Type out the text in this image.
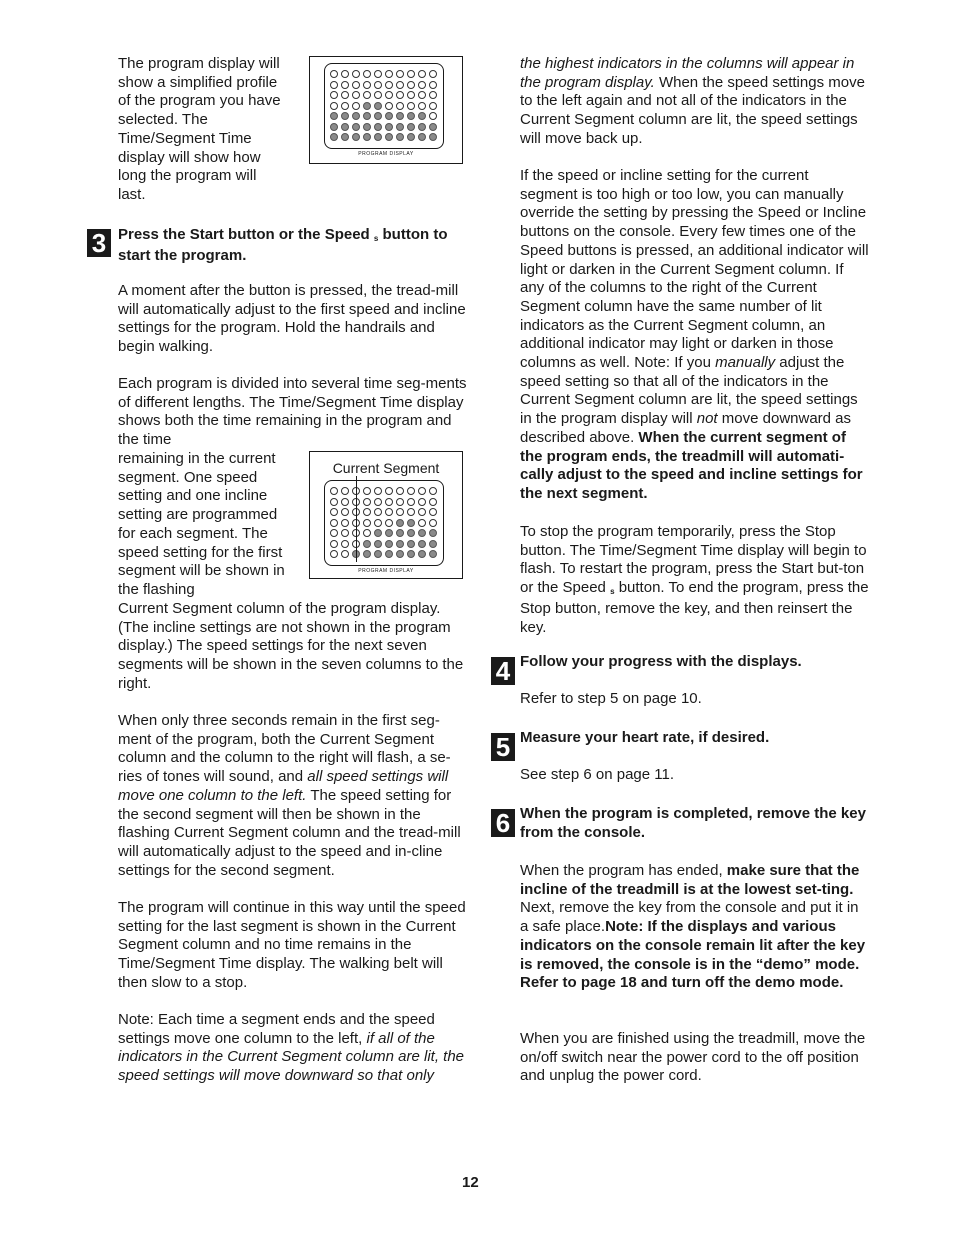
The program display will show a simplified profile of the program you have selected. The Time/Segment Time display will show how long the program will last.

PROGRAM DISPLAY
3 Press the Start button or the Speed s button to start the program.

A moment after the button is pressed, the tread-mill will automatically adjust to the first speed and incline settings for the program. Hold the handrails and begin walking.

Each program is divided into several time seg-ments of different lengths. The Time/Segment Time display shows both the time remaining in the program and the time

remaining in the current segment. One speed setting and one incline setting are programmed for each segment. The speed setting for the first segment will be shown in the flashing

Current Segment
PROGRAM DISPLAY

Current Segment column of the program display. (The incline settings are not shown in the program display.) The speed settings for the next seven segments will be shown in the seven columns to the right.

When only three seconds remain in the first seg-ment of the program, both the Current Segment column and the column to the right will flash, a se-ries of tones will sound, and all speed settings will move one column to the left. The speed setting for the second segment will then be shown in the flashing Current Segment column and the tread-mill will automatically adjust to the speed and in-cline settings for the second segment.

The program will continue in this way until the speed setting for the last segment is shown in the Current Segment column and no time remains in the Time/Segment Time display. The walking belt will then slow to a stop.

Note: Each time a segment ends and the speed settings move one column to the left, if all of the indicators in the Current Segment column are lit, the speed settings will move downward so that only

the highest indicators in the columns will appear in the program display. When the speed settings move to the left again and not all of the indicators in the Current Segment column are lit, the speed settings will move back up.

If the speed or incline setting for the current segment is too high or too low, you can manually override the setting by pressing the Speed or Incline buttons on the console. Every few times one of the Speed buttons is pressed, an additional indicator will light or darken in the Current Segment column. If any of the columns to the right of the Current Segment column have the same number of lit indicators as the Current Segment column, an additional indicator may light or darken in those columns as well. Note: If you manually adjust the speed setting so that all of the indicators in the Current Segment column are lit, the speed settings in the program display will not move downward as described above. When the current segment of the program ends, the treadmill will automati-cally adjust to the speed and incline settings for the next segment.

To stop the program temporarily, press the Stop button. The Time/Segment Time display will begin to flash. To restart the program, press the Start but-ton or the Speed s button. To end the program, press the Stop button, remove the key, and then reinsert the key.

4 Follow your progress with the displays.

Refer to step 5 on page 10.

5 Measure your heart rate, if desired.

See step 6 on page 11.

6 When the program is completed, remove the key from the console.

When the program has ended, make sure that the incline of the treadmill is at the lowest set-ting. Next, remove the key from the console and put it in a safe place.Note: If the displays and various indicators on the console remain lit after the key is removed, the console is in the “demo” mode. Refer to page 18 and turn off the demo mode.

When you are finished using the treadmill, move the on/off switch near the power cord to the off position and unplug the power cord.

12
